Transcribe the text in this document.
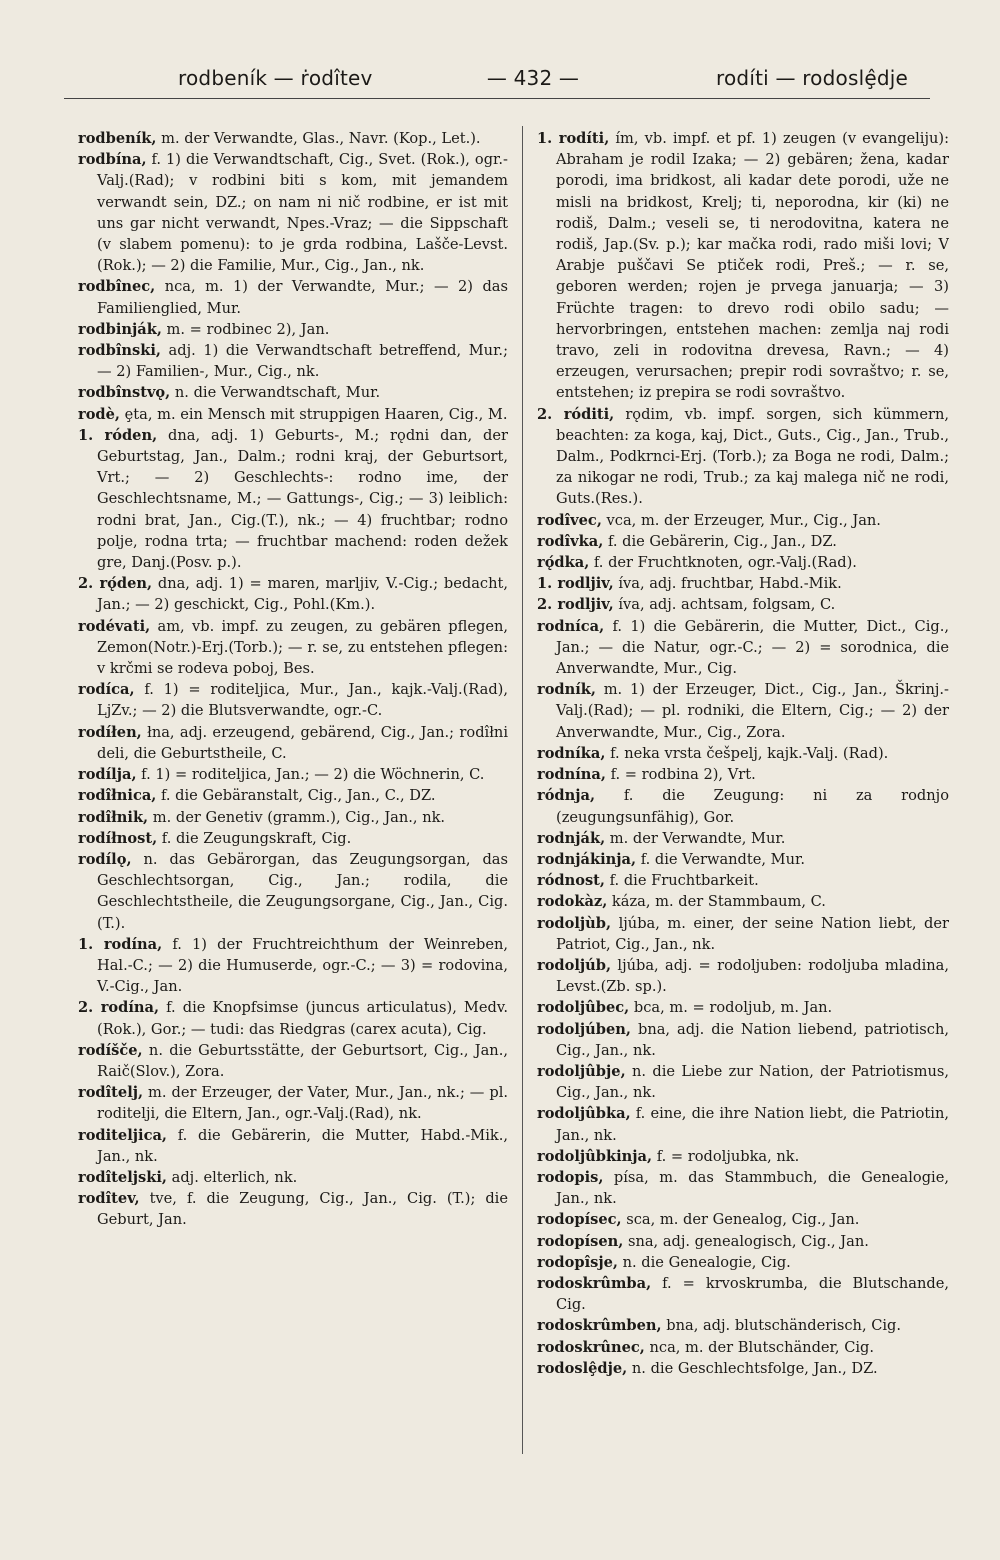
rodbeník — ṙodîtev	— 432 —	rodíti — rodoslȩ̂dje

rodbeník, m. der Verwandte, Glas., Navr. (Kop., Let.).

rodbína, f. 1) die Verwandtschaft, Cig., Svet. (Rok.), ogr.-Valj.(Rad); v rodbini biti s kom, mit jemandem verwandt sein, DZ.; on nam ni nič rodbine, er ist mit uns gar nicht verwandt, Npes.-Vraz; — die Sippschaft (v slabem pomenu): to je grda rodbina, Lašče-Levst.(Rok.); — 2) die Familie, Mur., Cig., Jan., nk.

rodbînec, nca, m. 1) der Verwandte, Mur.; — 2) das Familienglied, Mur.

rodbinják, m. = rodbinec 2), Jan.

rodbînski, adj. 1) die Verwandtschaft betreffend, Mur.; — 2) Familien-, Mur., Cig., nk.

rodbînstvǫ, n. die Verwandtschaft, Mur.

rodè, ȩta, m. ein Mensch mit struppigen Haaren, Cig., M.

1. róden, dna, adj. 1) Geburts-, M.; rǫdni dan, der Geburtstag, Jan., Dalm.; rodni kraj, der Geburtsort, Vrt.; — 2) Geschlechts-: rodno ime, der Geschlechtsname, M.; — Gattungs-, Cig.; — 3) leiblich: rodni brat, Jan., Cig.(T.), nk.; — 4) fruchtbar; rodno polje, rodna trta; — fruchtbar machend: roden dežek gre, Danj.(Posv. p.).

2. rǫ́den, dna, adj. 1) = maren, marljiv, V.-Cig.; bedacht, Jan.; — 2) geschickt, Cig., Pohl.(Km.).

rodévati, am, vb. impf. zu zeugen, zu gebären pflegen, Zemon(Notr.)-Erj.(Torb.); — r. se, zu entstehen pflegen: v krčmi se rodeva poboj, Bes.

rodíca, f. 1) = roditeljica, Mur., Jan., kajk.-Valj.(Rad), LjZv.; — 2) die Blutsverwandte, ogr.-C.

rodíłen, łna, adj. erzeugend, gebärend, Cig., Jan.; rodîłni deli, die Geburtstheile, C.

rodílja, f. 1) = roditeljica, Jan.; — 2) die Wöchnerin, C.

rodîłnica, f. die Gebäranstalt, Cig., Jan., C., DZ.

rodîłnik, m. der Genetiv (gramm.), Cig., Jan., nk.

rodíłnost, f. die Zeugungskraft, Cig.

rodílǫ, n. das Gebärorgan, das Zeugungsorgan, das Geschlechtsorgan, Cig., Jan.; rodila, die Geschlechtstheile, die Zeugungsorgane, Cig., Jan., Cig.(T.).

1. rodína, f. 1) der Fruchtreichthum der Weinreben, Hal.-C.; — 2) die Humuserde, ogr.-C.; — 3) = rodovina, V.-Cig., Jan.

2. rodína, f. die Knopfsimse (juncus articulatus), Medv.(Rok.), Gor.; — tudi: das Riedgras (carex acuta), Cig.

rodíšče, n. die Geburtsstätte, der Geburtsort, Cig., Jan., Raič(Slov.), Zora.

rodîtelj, m. der Erzeuger, der Vater, Mur., Jan., nk.; — pl. roditelji, die Eltern, Jan., ogr.-Valj.(Rad), nk.

roditeljica, f. die Gebärerin, die Mutter, Habd.-Mik., Jan., nk.

rodîteljski, adj. elterlich, nk.

rodîtev, tve, f. die Zeugung, Cig., Jan., Cig. (T.); die Geburt, Jan.

1. rodíti, ím, vb. impf. et pf. 1) zeugen (v evangeliju): Abraham je rodil Izaka; — 2) gebären; žena, kadar porodi, ima bridkost, ali kadar dete porodi, uže ne misli na bridkost, Krelj; ti, neporodna, kir (ki) ne rodiš, Dalm.; veseli se, ti nerodovitna, katera ne rodiš, Jap.(Sv. p.); kar mačka rodi, rado miši lovi; V Arabje puščavi Se ptiček rodi, Preš.; — r. se, geboren werden; rojen je prvega januarja; — 3) Früchte tragen: to drevo rodi obilo sadu; — hervorbringen, entstehen machen: zemlja naj rodi travo, zeli in rodovitna drevesa, Ravn.; — 4) erzeugen, verursachen; prepir rodi sovraštvo; r. se, entstehen; iz prepira se rodi sovraštvo.

2. róditi, rǫdim, vb. impf. sorgen, sich kümmern, beachten: za koga, kaj, Dict., Guts., Cig., Jan., Trub., Dalm., Podkrnci-Erj. (Torb.); za Boga ne rodi, Dalm.; za nikogar ne rodi, Trub.; za kaj malega nič ne rodi, Guts.(Res.).

rodîvec, vca, m. der Erzeuger, Mur., Cig., Jan.

rodîvka, f. die Gebärerin, Cig., Jan., DZ.

rǫ́dka, f. der Fruchtknoten, ogr.-Valj.(Rad).

1. rodljiv, íva, adj. fruchtbar, Habd.-Mik.

2. rodljiv, íva, adj. achtsam, folgsam, C.

rodníca, f. 1) die Gebärerin, die Mutter, Dict., Cig., Jan.; — die Natur, ogr.-C.; — 2) = sorodnica, die Anverwandte, Mur., Cig.

rodník, m. 1) der Erzeuger, Dict., Cig., Jan., Škrinj.-Valj.(Rad); — pl. rodniki, die Eltern, Cig.; — 2) der Anverwandte, Mur., Cig., Zora.

rodníka, f. neka vrsta češpelj, kajk.-Valj. (Rad).

rodnína, f. = rodbina 2), Vrt.

ródnja, f. die Zeugung: ni za rodnjo (zeugungsunfähig), Gor.

rodnják, m. der Verwandte, Mur.

rodnjákinja, f. die Verwandte, Mur.

ródnost, f. die Fruchtbarkeit.

rodokàz, káza, m. der Stammbaum, C.

rodoljùb, ljúba, m. einer, der seine Nation liebt, der Patriot, Cig., Jan., nk.

rodoljúb, ljúba, adj. = rodoljuben: rodoljuba mladina, Levst.(Zb. sp.).

rodoljûbec, bca, m. = rodoljub, m. Jan.

rodoljúben, bna, adj. die Nation liebend, patriotisch, Cig., Jan., nk.

rodoljûbje, n. die Liebe zur Nation, der Patriotismus, Cig., Jan., nk.

rodoljûbka, f. eine, die ihre Nation liebt, die Patriotin, Jan., nk.

rodoljûbkinja, f. = rodoljubka, nk.

rodopis, písa, m. das Stammbuch, die Genealogie, Jan., nk.

rodopísec, sca, m. der Genealog, Cig., Jan.

rodopísen, sna, adj. genealogisch, Cig., Jan.

rodopîsje, n. die Genealogie, Cig.

rodoskrûmba, f. = krvoskrumba, die Blutschande, Cig.

rodoskrûmben, bna, adj. blutschänderisch, Cig.

rodoskrûnec, nca, m. der Blutschänder, Cig.

rodoslȩ̂dje, n. die Geschlechtsfolge, Jan., DZ.
